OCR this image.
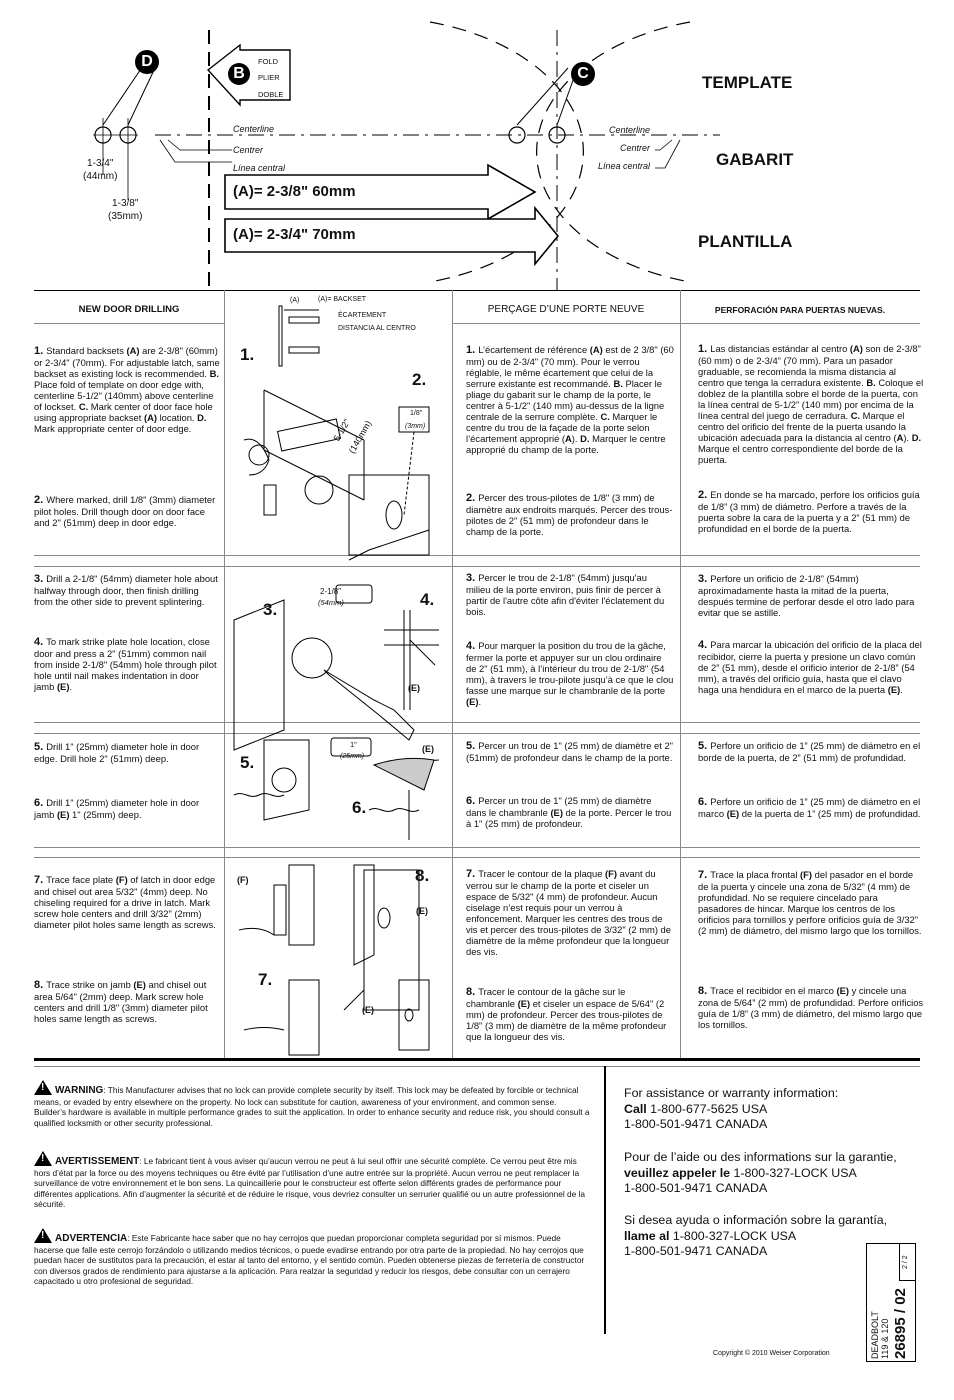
D
B	C
FOLD
PLIER
DOBLE
TEMPLATE
GABARIT
PLANTILLA
Centerline
Centrer
Línea central
Centerline
Centrer
Línea central
1-3/4"
(44mm)
1-3/8"
(35mm)
(A)= 2-3/8" 60mm
(A)= 2-3/4" 70mm
NEW DOOR DRILLING	PERÇAGE D’UNE PORTE NEUVE	PERFORACIÓN PARA PUERTAS NUEVAS.
(A)	(A)= BACKSET
ÉCARTEMENT
DISTANCIA AL CENTRO
1.
2.
5-1/2"
(140mm)
1/8"
(3mm)
3.
4.
2-1/8"
(54mm)
(E)
5.
6.
1"
(25mm)
(E)
8.
7.
(F)
(E)
(E)
1. Standard backsets (A) are 2-3/8" (60mm) or 2-3/4" (70mm). For adjustable latch, same backset as existing lock is recommended. B. Place fold of template on door edge with, centerline 5-1/2" (140mm) above centerline of lockset. C. Mark center of door face hole using appropriate backset (A) location. D. Mark appropriate center of door edge.
2. Where marked, drill 1/8" (3mm) diameter pilot holes. Drill though door on door face and 2" (51mm) deep in door edge.
3. Drill a 2-1/8" (54mm) diameter hole about halfway through door, then finish drilling from the other side to prevent splintering.
4. To mark strike plate hole location, close door and press a 2" (51mm) common nail from inside 2-1/8" (54mm) hole through pilot hole until nail makes indentation in door jamb (E).
5. Drill 1" (25mm) diameter hole in door edge. Drill hole 2" (51mm) deep.
6. Drill 1" (25mm) diameter hole in door jamb (E) 1" (25mm) deep.
7. Trace face plate (F) of latch in door edge and chisel out area 5/32" (4mm) deep. No chiseling required for a drive in latch. Mark screw hole centers and drill 3/32" (2mm) diameter pilot holes same length as screws.
8. Trace strike on jamb (E) and chisel out area 5/64" (2mm) deep. Mark screw hole centers and drill 1/8" (3mm) diameter pilot holes same length as screws.
1. L’écartement de référence (A) est de 2 3/8" (60 mm) ou de 2-3/4" (70 mm). Pour le verrou réglable, le même écartement que celui de la serrure existante est recommandé. B. Placer le pliage du gabarit sur le champ de la porte, le centrer à 5-1/2" (140 mm) au-dessus de la ligne centrale de la serrure complète. C. Marquer le centre du trou de la façade de la porte selon l’écartement approprié (A). D. Marquer le centre approprié du champ de la porte.
2. Percer des trous-pilotes de 1/8" (3 mm) de diamètre aux endroits marqués. Percer des trous-pilotes de 2" (51 mm) de profondeur dans le champ de la porte.
3. Percer le trou de 2-1/8" (54mm) jusqu'au milieu de la porte environ, puis finir de percer à partir de l'autre côte afin d'éviter l'éclatement du bois.
4. Pour marquer la position du trou de la gâche, fermer la porte et appuyer sur un clou ordinaire de 2" (51 mm), à l’intérieur du trou de 2-1/8" (54 mm), à travers le trou-pilote jusqu’à ce que le clou fasse une marque sur le chambranle de la porte (E).
5. Percer un trou de 1" (25 mm) de diamètre et 2" (51mm) de profondeur dans le champ de la porte.
6. Percer un trou de 1" (25 mm) de diamètre dans le chambranle (E) de la porte. Percer le trou à 1" (25 mm) de profondeur.
7. Tracer le contour de la plaque (F) avant du verrou sur le champ de la porte et ciseler un espace de 5/32" (4 mm) de profondeur. Aucun ciselage n’est requis pour un verrou à enfoncement. Marquer les centres des trous de vis et percer des trous-pilotes de 3/32" (2 mm) de diamètre de la même profondeur que la longueur des vis.
8. Tracer le contour de la gâche sur le chambranle (E) et ciseler un espace de 5/64" (2 mm) de profondeur. Percer des trous-pilotes de 1/8" (3 mm) de diamètre de la même profondeur que la longueur des vis.
1. Las distancias estándar al centro (A) son de 2-3/8” (60 mm) o de 2-3/4” (70 mm). Para un pasador graduable, se recomienda la misma distancia al centro que tenga la cerradura existente. B. Coloque el doblez de la plantilla sobre el borde de la puerta, con la línea central de 5-1/2” (140 mm) por encima de la línea central del juego de cerradura. C. Marque el centro del orificio del frente de la puerta usando la ubicación adecuada para la distancia al centro (A). D. Marque el centro correspondiente del borde de la puerta.
2. En donde se ha marcado, perfore los orificios guía de 1/8” (3 mm) de diámetro. Perfore a través de la puerta sobre la cara de la puerta y a 2” (51 mm) de profundidad en el borde de la puerta.
3. Perfore un orificio de 2-1/8” (54mm) aproximadamente hasta la mitad de la puerta, después termine de perforar desde el otro lado para evitar que se astille.
4. Para marcar la ubicación del orificio de la placa del recibidor, cierre la puerta y presione un clavo común de 2” (51 mm), desde el orificio interior de 2-1/8” (54 mm), a través del orificio guía, hasta que el clavo haga una hendidura en el marco de la puerta (E).
5. Perfore un orificio de 1” (25 mm) de diámetro en el borde de la puerta, de 2” (51 mm) de profundidad.
6. Perfore un orificio de 1” (25 mm) de diámetro en el marco (E) de la puerta de 1” (25 mm) de profundidad.
7. Trace la placa frontal (F) del pasador en el borde de la puerta y cincele una zona de 5/32” (4 mm) de profundidad. No se requiere cincelado para pasadores de hincar. Marque los centros de los orificios para tornillos y perfore orificios guía de 3/32” (2 mm) de diámetro, del mismo largo que los tornillos.
8. Trace el recibidor en el marco (E) y cincele una zona de 5/64” (2 mm) de profundidad. Perfore orificios guía de 1/8” (3 mm) de diámetro, del mismo largo que los tornillos.
!WARNING: This Manufacturer advises that no lock can provide complete security by itself. This lock may be defeated by forcible or technical means, or evaded by entry elsewhere on the property. No lock can substitute for caution, awareness of your environment, and common sense. Builder’s hardware is available in multiple performance grades to suit the application. In order to enhance security and reduce risk, you should consult a qualified locksmith or other security professional.
!AVERTISSEMENT: Le fabricant tient à vous aviser qu’aucun verrou ne peut à lui seul offrir une sécurité complète. Ce verrou peut être mis hors d’état par la force ou des moyens techniques ou être évité par l’utilisation d’une autre entrée sur la propriété. Aucun verrou ne peut remplacer la surveillance de votre environnement et le bon sens. La quincaillerie pour le constructeur est offerte selon différents grades de performance pour différentes applications. Afin d’augmenter la sécurité et de réduire le risque, vous devriez consulter un serrurier qualifié ou un autre professionnel de la sécurité.
!ADVERTENCIA: Este Fabricante hace saber que no hay cerrojos que puedan proporcionar completa seguridad por sí mismos. Puede hacerse que falle este cerrojo forzándolo o utilizando medios técnicos, o puede evadirse entrando por otra parte de la propiedad. No hay cerrojos que puedan hacer de sustitutos para la precaución, el estar al tanto del entorno, y el sentido común. Pueden obtenerse piezas de ferretería de constructor con diversos grados de rendimiento para ajustarse a la aplicación. Para realzar la seguridad y reducir los riesgos, debe consultar con un cerrajero capacitado u otro profesional de seguridad.
For assistance or warranty information:
Call 1-800-677-5625 USA
1-800-501-9471 CANADA
Pour de l’aide ou des informations sur la garantie,
veuillez appeler le 1-800-327-LOCK USA
1-800-501-9471 CANADA
Si desea ayuda o información sobre la garantía,
llame al 1-800-327-LOCK USA
1-800-501-9471 CANADA
2 / 2
DEADBOLT 119 & 120 26895 / 02
Copyright © 2010 Weiser Corporation
